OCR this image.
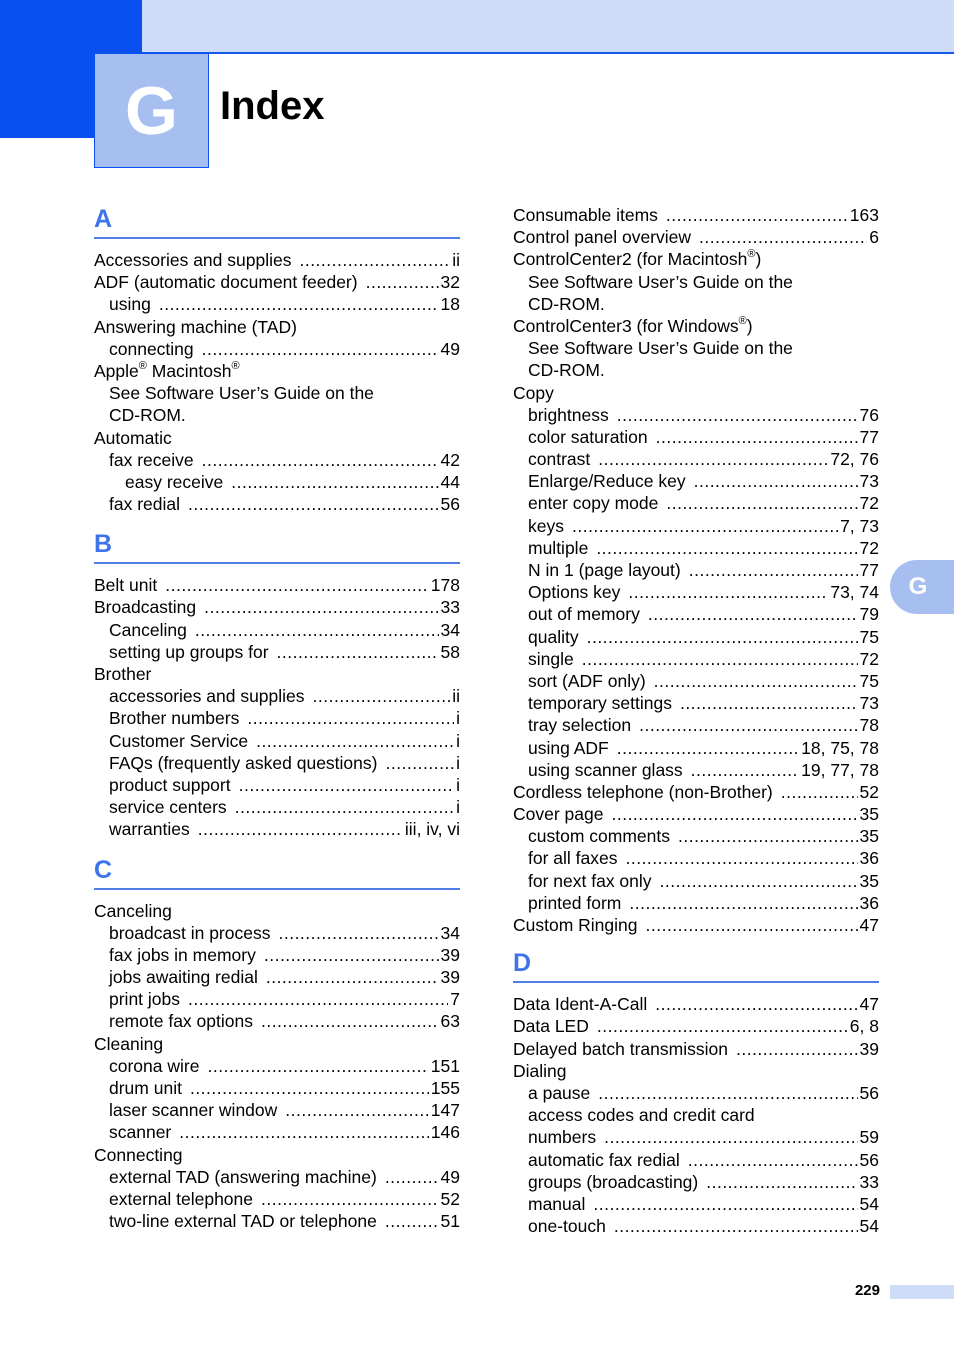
G Index
A
Accessories and supplies .....	ii
ADF (automatic document feeder) .....	32
using .....	18
Answering machine (TAD)
connecting .....	49
Apple® Macintosh®
See Software User’s Guide on the
CD-ROM.
Automatic
fax receive .....	42
easy receive .....	44
fax redial .....	56
B
Belt unit .....	178
Broadcasting .....	33
Canceling .....	34
setting up groups for .....	58
Brother
accessories and supplies .....	ii
Brother numbers .....	i
Customer Service .....	i
FAQs (frequently asked questions) .....	i
product support .....	i
service centers .....	i
warranties .....	iii, iv, vi
C
Canceling
broadcast in process .....	34
fax jobs in memory .....	39
jobs awaiting redial .....	39
print jobs .....	7
remote fax options .....	63
Cleaning
corona wire .....	151
drum unit .....	155
laser scanner window .....	147
scanner .....	146
Connecting
external TAD (answering machine) .....	49
external telephone .....	52
two-line external TAD or telephone .....	51
Consumable items .....	163
Control panel overview .....	6
ControlCenter2 (for Macintosh®)
See Software User’s Guide on the
CD-ROM.
ControlCenter3 (for Windows®)
See Software User’s Guide on the
CD-ROM.
Copy
brightness .....	76
color saturation .....	77
contrast .....	72, 76
Enlarge/Reduce key .....	73
enter copy mode .....	72
keys .....	7, 73
multiple .....	72
N in 1 (page layout) .....	77
Options key .....	73, 74
out of memory .....	79
quality .....	75
single .....	72
sort (ADF only) .....	75
temporary settings .....	73
tray selection .....	78
using ADF .....	18, 75, 78
using scanner glass .....	19, 77, 78
Cordless telephone (non-Brother) .....	52
Cover page .....	35
custom comments .....	35
for all faxes .....	36
for next fax only .....	35
printed form .....	36
Custom Ringing .....	47
D
Data Ident-A-Call .....	47
Data LED .....	6, 8
Delayed batch transmission .....	39
Dialing
a pause .....	56
access codes and credit card
numbers .....	59
automatic fax redial .....	56
groups (broadcasting) .....	33
manual .....	54
one-touch .....	54
G
229
